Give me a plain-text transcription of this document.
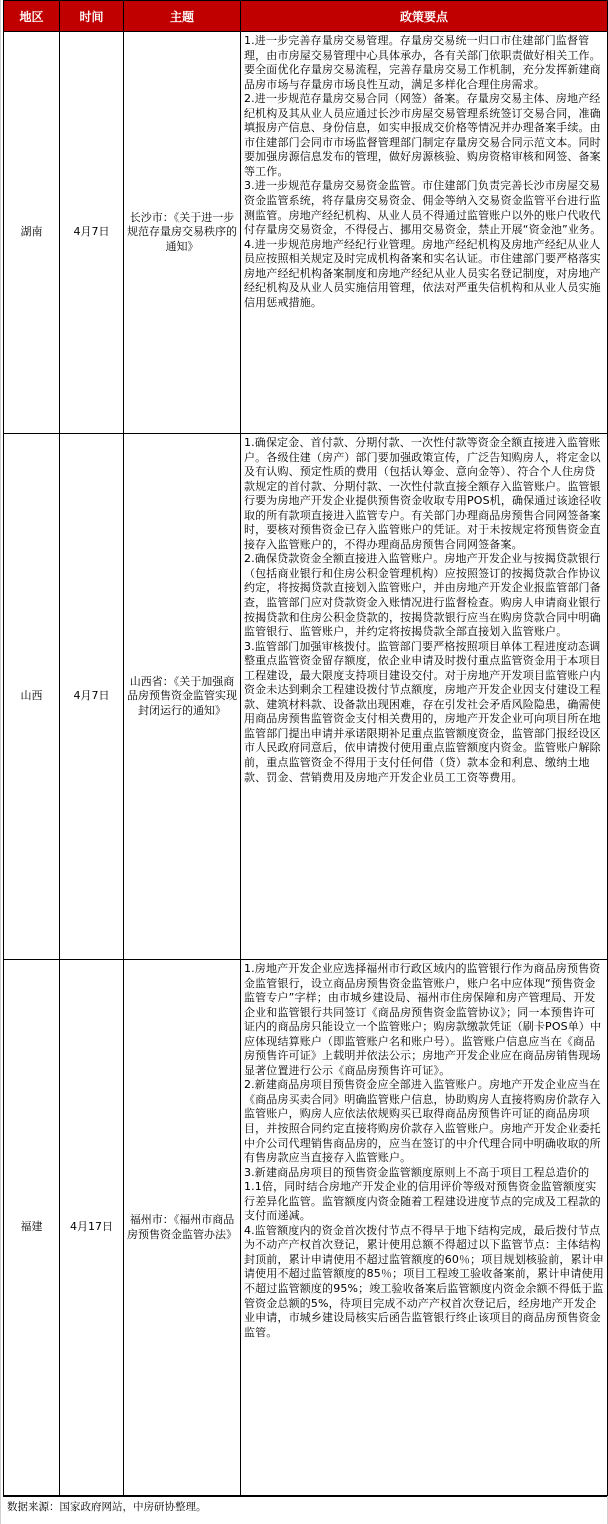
地区	时间	主题	政策要点
湖南	4月7日	长沙市：《关于进一步规范存量房交易秩序的通知》	1.进一步完善存量房交易管理。存量房交易统一归口市住建部门监督管理，由市房屋交易管理中心具体承办，各有关部门依职责做好相关工作。要全面优化存量房交易流程，完善存量房交易工作机制，充分发挥新建商品房市场与存量房市场良性互动，满足多样化合理住房需求。
2.进一步规范存量房交易合同（网签）备案。存量房交易主体、房地产经纪机构及其从业人员应通过长沙市房屋交易管理系统签订交易合同，准确填报房产信息、身份信息，如实申报成交价格等情况并办理备案手续。由市住建部门会同市市场监督管理部门制定存量房交易合同示范文本。同时要加强房源信息发布的管理，做好房源核验、购房资格审核和网签、备案等工作。
3.进一步规范存量房交易资金监管。市住建部门负责完善长沙市房屋交易资金监管系统，将存量房交易资金、佣金等纳入交易资金监管平台进行监测监管。房地产经纪机构、从业人员不得通过监管账户以外的账户代收代付存量房交易资金，不得侵占、挪用交易资金，禁止开展“资金池”业务。
4.进一步规范房地产经纪行业管理。房地产经纪机构及房地产经纪从业人员应按照相关规定及时完成机构备案和实名认证。市住建部门要严格落实房地产经纪机构备案制度和房地产经纪从业人员实名登记制度，对房地产经纪机构及从业人员实施信用管理，依法对严重失信机构和从业人员实施信用惩戒措施。

山西	4月7日	山西省：《关于加强商品房预售资金监管实现封闭运行的通知》	1.确保定金、首付款、分期付款、一次性付款等资金全额直接进入监管账户。各级住建（房产）部门要加强政策宣传，广泛告知购房人，将定金以及有认购、预定性质的费用（包括认筹金、意向金等）、符合个人住房贷款规定的首付款、分期付款、一次性付款直接全额存入监管账户。监管银行要为房地产开发企业提供预售资金收取专用POS机，确保通过该途径收取的所有款项直接进入监管专户。有关部门办理商品房预售合同网签备案时，要核对预售资金已存入监管账户的凭证。对于未按规定将预售资金直接存入监管账户的，不得办理商品房预售合同网签备案。
2.确保贷款资金全额直接进入监管账户。房地产开发企业与按揭贷款银行（包括商业银行和住房公积金管理机构）应按照签订的按揭贷款合作协议约定，将按揭贷款直接划入监管账户，并由房地产开发企业报监管部门备查，监管部门应对贷款资金入账情况进行监督检查。购房人申请商业银行按揭贷款和住房公积金贷款的，按揭贷款银行应当在购房贷款合同中明确监管银行、监管账户，并约定将按揭贷款全部直接划入监管账户。
3.监管部门加强审核拨付。监管部门要严格按照项目单体工程进度动态调整重点监管资金留存额度，依企业申请及时拨付重点监管资金用于本项目工程建设，最大限度支持项目建设交付。对于房地产开发项目监管账户内资金未达到剩余工程建设拨付节点额度，房地产开发企业因支付建设工程款、建筑材料款、设备款出现困难，存在引发社会矛盾风险隐患，确需使用商品房预售监管资金支付相关费用的，房地产开发企业可向项目所在地监管部门提出申请并承诺限期补足重点监管额度资金，监管部门报经设区市人民政府同意后，依申请拨付使用重点监管额度内资金。监管账户解除前，重点监管资金不得用于支付任何借（贷）款本金和利息、缴纳土地款、罚金、营销费用及房地产开发企业员工工资等费用。

福建	4月17日	福州市：《福州市商品房预售资金监管办法》	1.房地产开发企业应选择福州市行政区域内的监管银行作为商品房预售资金监管银行，设立商品房预售资金监管账户，账户名中应体现“预售资金监管专户”字样；由市城乡建设局、福州市住房保障和房产管理局、开发企业和监管银行共同签订《商品房预售资金监管协议》；同一本预售许可证内的商品房只能设立一个监管账户；购房款缴款凭证（刷卡POS单）中应体现结算账户（即监管账户名和账户号）。监管账户信息应当在《商品房预售许可证》上载明并依法公示；房地产开发企业应在商品房销售现场显著位置进行公示《商品房预售许可证》。
2.新建商品房项目预售资金应全部进入监管账户。房地产开发企业应当在《商品房买卖合同》明确监管账户信息，协助购房人直接将购房价款存入监管账户，购房人应依法依规购买已取得商品房预售许可证的商品房项目，并按照合同约定直接将购房价款存入监管账户。房地产开发企业委托中介公司代理销售商品房的，应当在签订的中介代理合同中明确收取的所有售房款应当直接存入监管账户。
3.新建商品房项目的预售资金监管额度原则上不高于项目工程总造价的1.1倍，同时结合房地产开发企业的信用评价等级对预售资金监管额度实行差异化监管。监管额度内资金随着工程建设进度节点的完成及工程款的支付而递减。
4.监管额度内的资金首次拨付节点不得早于地下结构完成，最后拨付节点为不动产产权首次登记，累计使用总额不得超过以下监管节点：主体结构封顶前，累计申请使用不超过监管额度的60％；项目规划核验前，累计申请使用不超过监管额度的85％；项目工程竣工验收备案前，累计申请使用不超过监管额度的95%；竣工验收备案后监管额度内资金余额不得低于监管资金总额的5%，待项目完成不动产产权首次登记后，经房地产开发企业申请，市城乡建设局核实后函告监管银行终止该项目的商品房预售资金监管。
数据来源：国家政府网站，中房研协整理。
